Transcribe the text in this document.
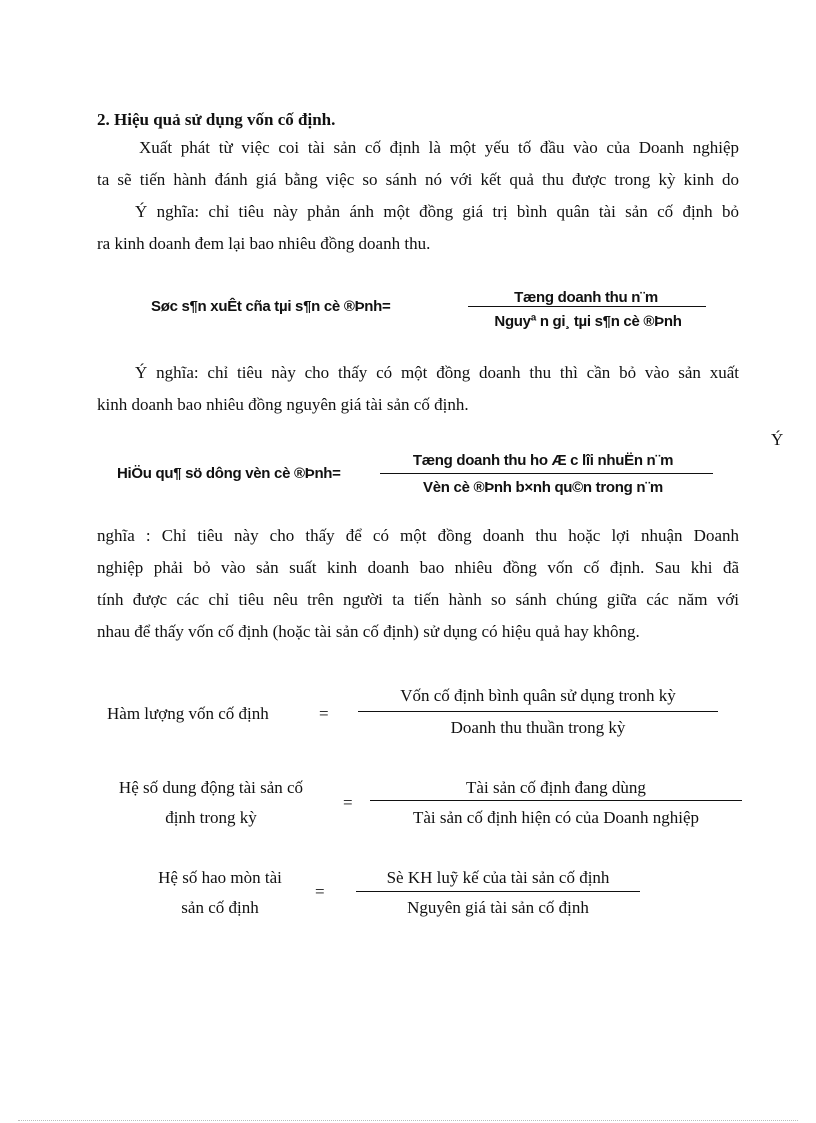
2. Hiệu quả sử dụng vốn cố định.
Xuất phát từ việc coi tài sản cố định là một yếu tố đầu vào của Doanh nghiệp
ta sẽ tiến hành đánh giá bằng việc so sánh nó với kết quả thu được trong kỳ kinh do
Ý nghĩa: chỉ tiêu này phản ánh một đồng giá trị bình quân tài sản cố định bỏ
ra kinh doanh đem lại bao nhiêu đồng doanh thu.
Søc s¶n xuÊt cña tµi s¶n cè ®Þnh=
Tæng doanh thu n¨m
Nguyª n gi¸ tµi s¶n cè ®Þnh
Ý nghĩa: chỉ tiêu này cho thấy có một đồng doanh thu thì cần bỏ vào sản xuất
kinh doanh bao nhiêu đồng nguyên giá tài sản cố định.
Ý
HiÖu qu¶ sö dông vèn cè ®Þnh=
Tæng doanh thu ho Æ c lîi nhuËn n¨m
Vèn cè ®Þnh b×nh qu©n trong n¨m
nghĩa : Chỉ tiêu này cho thấy để có một đồng doanh thu hoặc lợi nhuận Doanh
nghiệp phải bỏ vào sản suất kinh doanh bao nhiêu đồng vốn cố định. Sau khi đã
tính được các chỉ tiêu nêu trên người ta tiến hành so sánh chúng giữa các năm với
nhau để thấy vốn cố định (hoặc tài sản cố định) sử dụng có hiệu quả hay không.
Hàm lượng vốn cố định	=
Vốn cố định bình quân sử dụng tronh kỳ
Doanh thu thuần trong kỳ
Hệ số dung động tài sản cố
định trong kỳ
=
Tài sản cố định đang dùng
Tài sản cố định hiện có của Doanh nghiệp
Hệ số hao mòn tài
sản cố định
=
Sè KH luỹ kế của tài sản cố định
Nguyên giá tài sản cố định
